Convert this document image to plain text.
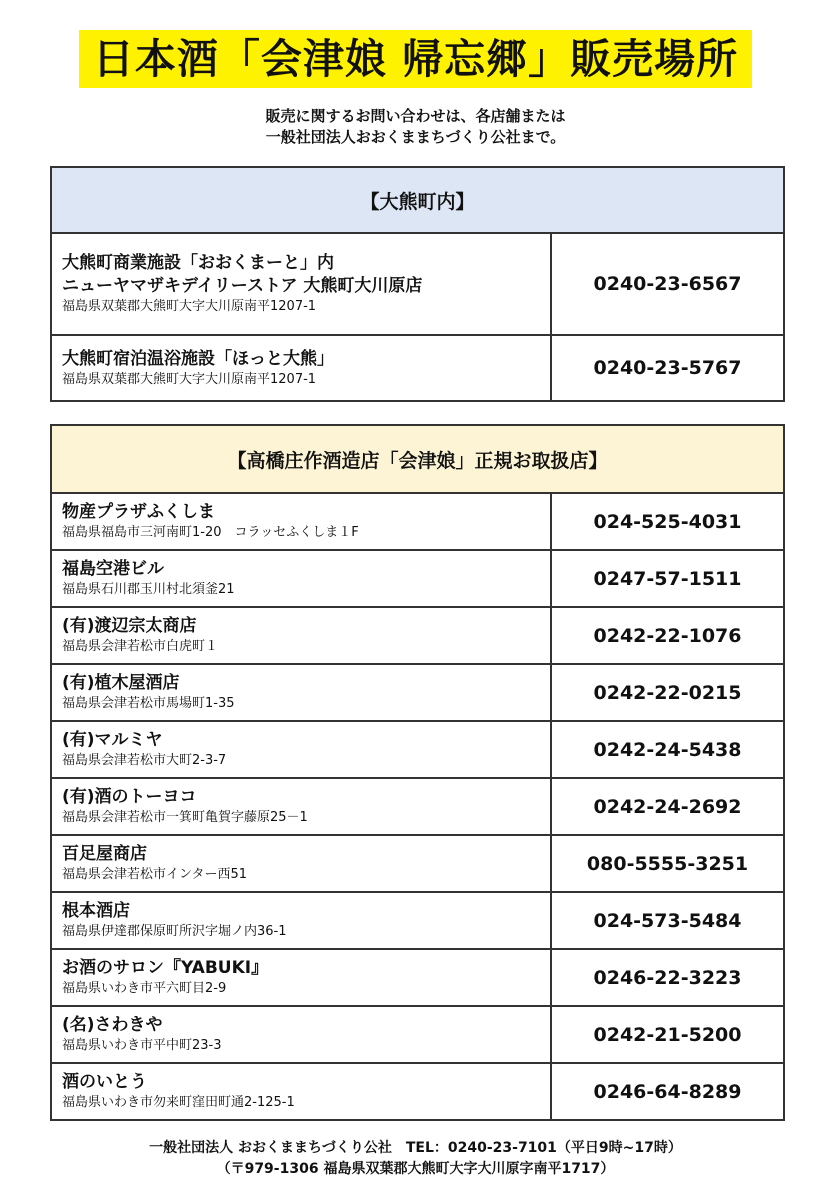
日本酒「会津娘 帰忘郷」販売場所
販売に関するお問い合わせは、各店舗または
一般社団法人おおくままちづくり公社まで。
【大熊町内】	

大熊町商業施設「おおくまーと」内
ニューヤマザキデイリーストア 大熊町大川原店
福島県双葉郡大熊町大字大川原南平1207-1	0240-23-6567

大熊町宿泊温浴施設「ほっと大熊」
福島県双葉郡大熊町大字大川原南平1207-1	0240-23-5767
【高橋庄作酒造店「会津娘」正規お取扱店】	

物産プラザふくしま
福島県福島市三河南町1-20　コラッセふくしま１F	024-525-4031

福島空港ビル
福島県石川郡玉川村北須釜21	0247-57-1511

(有)渡辺宗太商店
福島県会津若松市白虎町１	0242-22-1076

(有)植木屋酒店
福島県会津若松市馬場町1-35	0242-22-0215

(有)マルミヤ
福島県会津若松市大町2-3-7	0242-24-5438

(有)酒のトーヨコ
福島県会津若松市一箕町亀賀字藤原25－1	0242-24-2692

百足屋商店
福島県会津若松市インター西51	080-5555-3251

根本酒店
福島県伊達郡保原町所沢字堀ノ内36-1	024-573-5484

お酒のサロン『YABUKI』
福島県いわき市平六町目2-9	0246-22-3223

(名)さわきや
福島県いわき市平中町23-3	0242-21-5200

酒のいとう
福島県いわき市勿来町窪田町通2-125-1	0246-64-8289
一般社団法人 おおくままちづくり公社　TEL：0240-23-7101（平日9時~17時）
（〒979-1306 福島県双葉郡大熊町大字大川原字南平1717）
